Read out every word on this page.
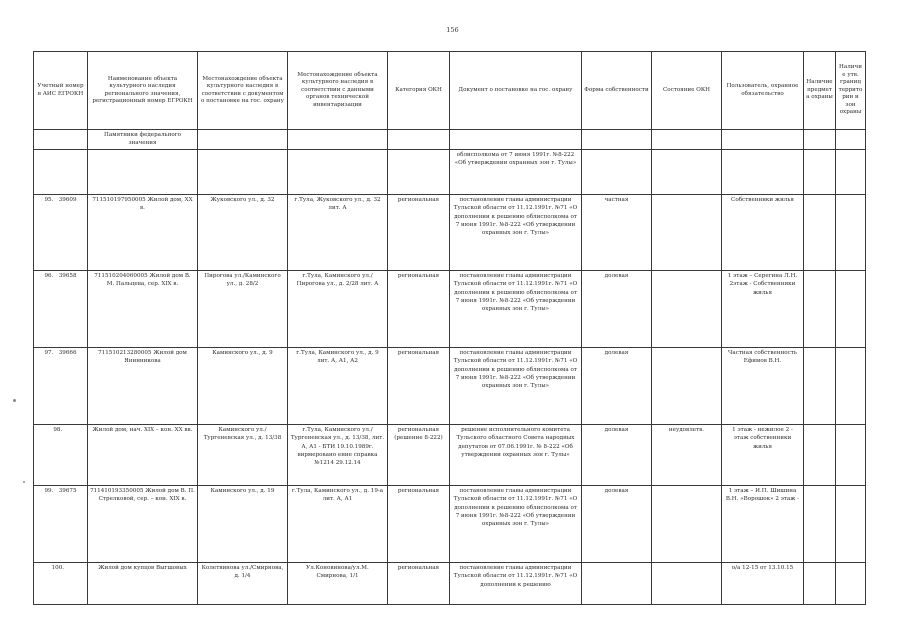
156
Учетный номер в АИС ЕГРОКН	Наименование объекта культурного наследия регионального значения, регистрационный номер ЕГРОКН	Местонахождение объекта культурного наследия в соответствии с документом о постановке на гос. охрану	Местонахождение объекта культурного наследия в соответствии с данными органов технической инвентаризации	Категория ОКН	Документ о постановке на гос. охрану	Форма собственности	Состояние ОКН	Пользователь, охранное обязательство	Наличие предмета охраны	Наличие утв. границ территории и зон охраны
	Памятники федерального значения									
					облисполкома от 7 июня 1991г. №8-222 «Об утверждении охранных зон г. Тулы»					
95. 39609	711510197950005 Жилой дом, XX в.	Жуковского ул., д. 32	г.Тула, Жуковского ул., д. 32 лит. А	региональная	постановление главы администрации Тульской области от 11.12.1991г. №71 «О дополнении к решению облисполкома от 7 июня 1991г. №8-222 «Об утверждении охранных зон г. Тулы»	частная		Собственники жилья		
96. 39658	711510204060005 Жилой дом В. М. Пальцева, сер. XIX в.	Пирогова ул./Каминского ул., д. 28/2	г.Тула, Каминского ул./ Пирогова ул., д. 2/28 лит. А	региональная	постановление главы администрации Тульской области от 11.12.1991г. №71 «О дополнении к решению облисполкома от 7 июня 1991г. №8-222 «Об утверждении охранных зон г. Тулы»	долевая		1 этаж – Серегина Л.Н. 2этаж - Собственники жилья		
97. 39666	711510213280005 Жилой дом Янинникова	Каминского ул., д. 9	г.Тула, Каминского ул., д. 9 лит. А, А1, А2	региональная	постановление главы администрации Тульской области от 11.12.1991г. №71 «О дополнении к решению облисполкома от 7 июня 1991г. №8-222 «Об утверждении охранных зон г. Тулы»	долевая		Частная собственность Ефимов В.Н.		
98.	Жилой дом, нач. XIX – кон. XX вв.	Каминского ул./ Тургеневская ул., д. 13/38	г.Тула, Каминского ул./ Тургеневская ул., д. 13/38, лит. А, А1 - БТИ 19.10.1989г. вирмеровано ение справка №1214 29.12.14	региональная (решение 8-222)	решение исполнительного комитета Тульского областного Совета народных депутатов от 07.06.1991г. № 8-222 «Об утверждении охранных зон г. Тулы»	долевая	неудовлетв.	1 этаж - нежилое 2 - этаж собственники жилья		
99. 39675	711410193350005 Жилой дом В. П. Стрелковой, сер. – кон. XIX в.	Каминского ул., д. 19	г.Тула, Каминского ул., д. 19-а лит. А, А1	региональная	постановление главы администрации Тульской области от 11.12.1991г. №71 «О дополнении к решению облисполкома от 7 июня 1991г. №8-222 «Об утверждении охранных зон г. Тулы»	долевая		1 этаж – И.П. Шишина В.Н. «Ворошок» 2 этаж -		
100.	Жилой дом купцов Выгшовых	Колетвинова ул./Смирнова, д. 1/4	Ул.Коновинова/ул.М. Смирнова, 1/1	региональная	постановление главы администрации Тульской области от 11.12.1991г. №71 «О дополнении к решению			о/а 12-15 от 13.10.15		
